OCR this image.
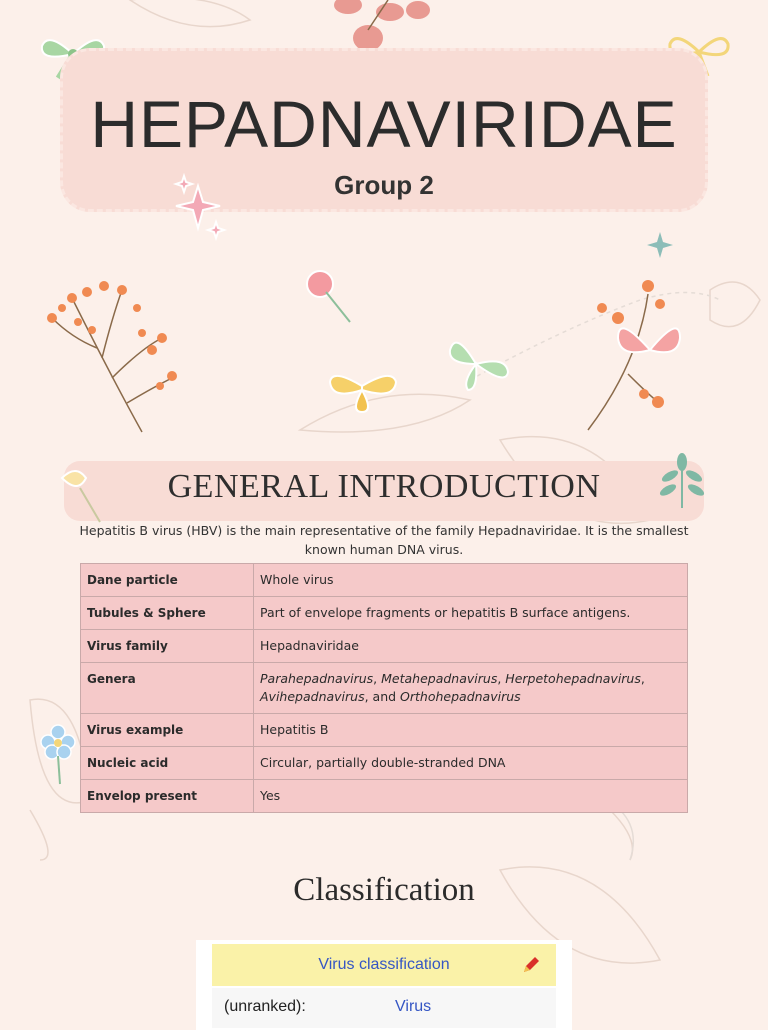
HEPADNAVIRIDAE
Group 2
GENERAL INTRODUCTION
Hepatitis B virus (HBV) is the main representative of the family Hepadnaviridae. It is the smallest known human DNA virus.
Dane particle	Whole virus
Tubules & Sphere	Part of envelope fragments or hepatitis B surface antigens.
Virus family	Hepadnaviridae
Genera	Parahepadnavirus, Metahepadnavirus, Herpetohepadnavirus,
Avihepadnavirus, and Orthohepadnavirus
Virus example	Hepatitis B
Nucleic acid	Circular, partially double-stranded DNA
Envelop present	Yes
Classification
Virus classification
(unranked):	Virus
